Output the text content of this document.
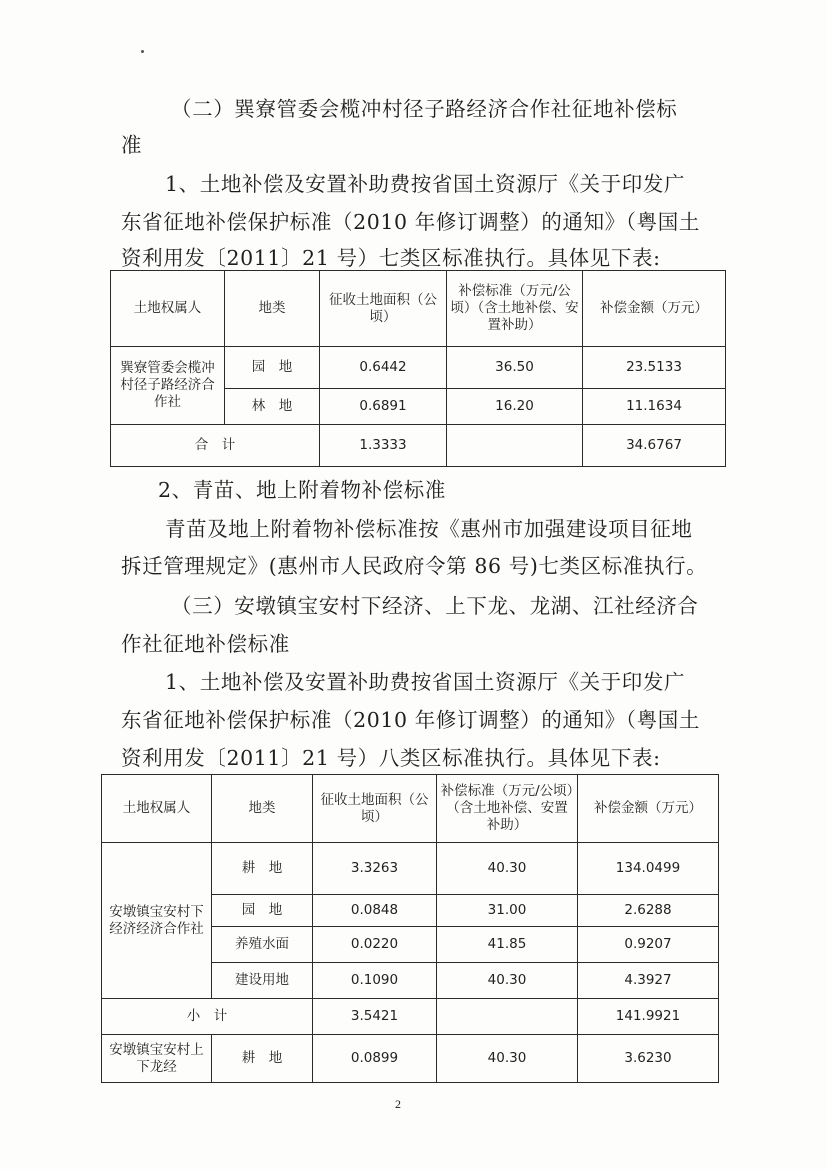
（二）巽寮管委会榄冲村径子路经济合作社征地补偿标
准
1、土地补偿及安置补助费按省国土资源厅《关于印发广
东省征地补偿保护标准（2010 年修订调整）的通知》（粤国土
资利用发〔2011〕21 号）七类区标准执行。具体见下表:
土地权属人	地类	征收土地面积（公顷）	补偿标准（万元/公顷）（含土地补偿、安置补助）	补偿金额（万元）
巽寮管委会榄冲村径子路经济合作社	园　地	0.6442	36.50	23.5133
	林　地	0.6891	16.20	11.1634
合　计		1.3333		34.6767
2、青苗、地上附着物补偿标准
青苗及地上附着物补偿标准按《惠州市加强建设项目征地
拆迁管理规定》(惠州市人民政府令第 86 号)七类区标准执行。
（三）安墩镇宝安村下经济、上下龙、龙湖、江社经济合
作社征地补偿标准
1、土地补偿及安置补助费按省国土资源厅《关于印发广
东省征地补偿保护标准（2010 年修订调整）的通知》（粤国土
资利用发〔2011〕21 号）八类区标准执行。具体见下表:
土地权属人	地类	征收土地面积（公顷）	补偿标准（万元/公顷）（含土地补偿、安置补助）	补偿金额（万元）
安墩镇宝安村下经济经济合作社	耕　地	3.3263	40.30	134.0499
	园　地	0.0848	31.00	2.6288
	养殖水面	0.0220	41.85	0.9207
	建设用地	0.1090	40.30	4.3927
小　计		3.5421		141.9921
安墩镇宝安村上下龙经	耕　地	0.0899	40.30	3.6230
2
